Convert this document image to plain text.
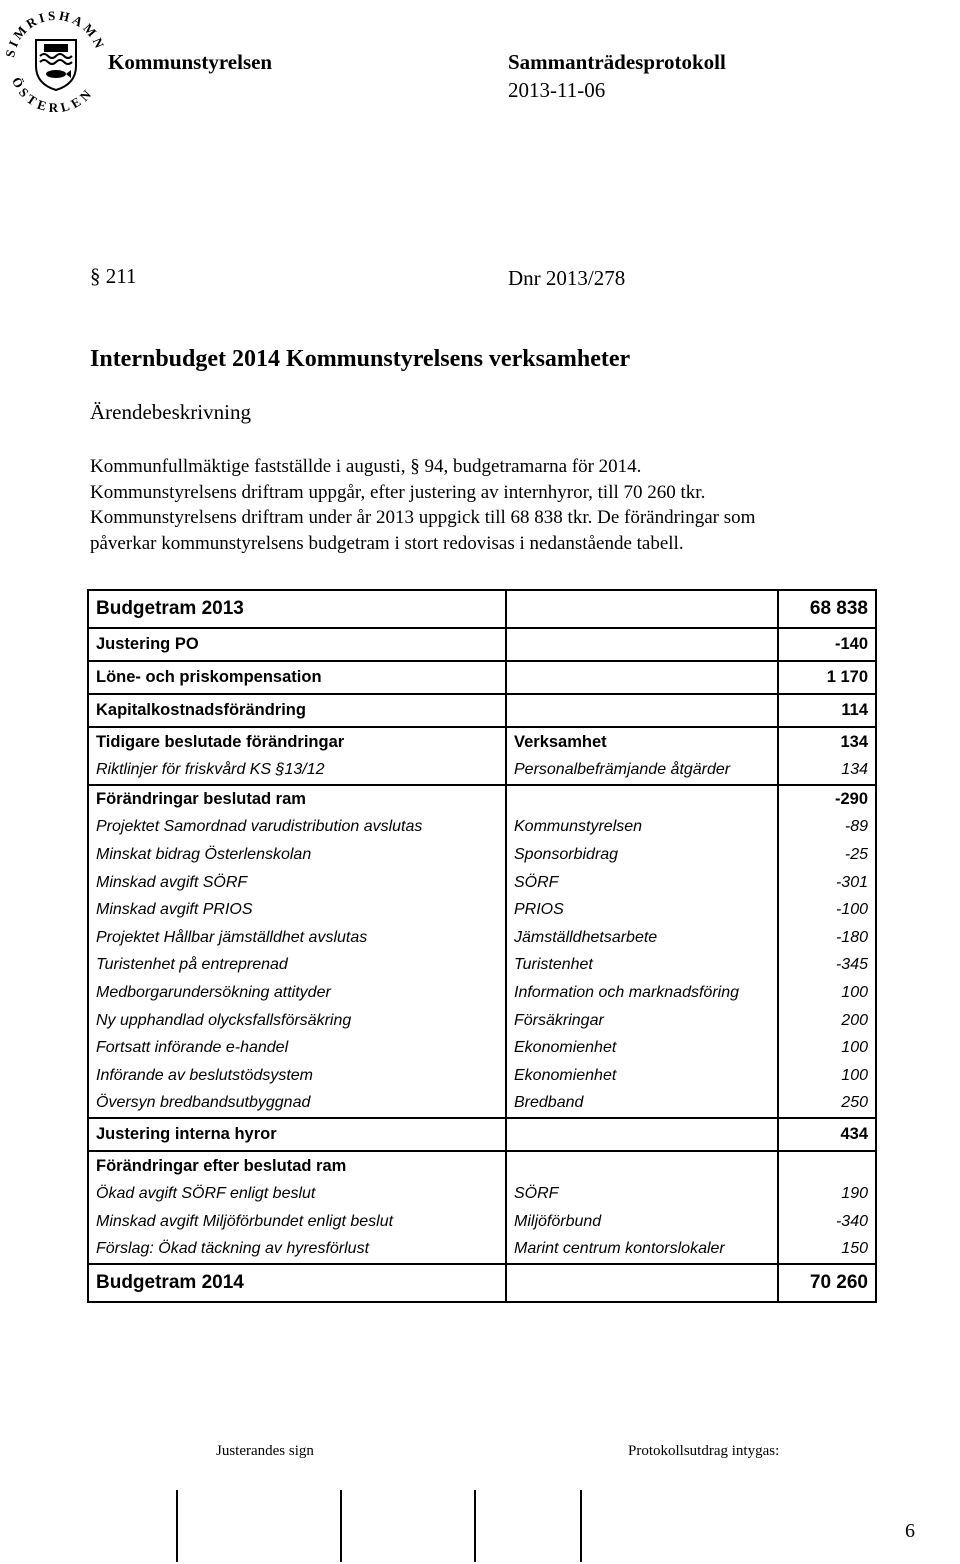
SIMRISHAMN
ÖSTERLEN
Kommunstyrelsen	Sammanträdesprotokoll
2013-11-06
§ 211	Dnr 2013/278
Internbudget 2014 Kommunstyrelsens verksamheter
Ärendebeskrivning
Kommunfullmäktige fastställde i augusti, § 94, budgetramarna för 2014.
Kommunstyrelsens driftram uppgår, efter justering av internhyror, till 70 260 tkr.
Kommunstyrelsens driftram under år 2013 uppgick till 68 838 tkr. De förändringar som
påverkar kommunstyrelsens budgetram i stort redovisas i nedanstående tabell.
Budgetram 2013		68 838
Justering PO		-140
Löne- och priskompensation		1 170
Kapitalkostnadsförändring		114
Tidigare beslutade förändringar	Verksamhet	134
Riktlinjer för friskvård KS §13/12	Personalbefrämjande åtgärder	134
Förändringar beslutad ram		-290
Projektet Samordnad varudistribution avslutas	Kommunstyrelsen	-89
Minskat bidrag Österlenskolan	Sponsorbidrag	-25
Minskad avgift SÖRF	SÖRF	-301
Minskad avgift PRIOS	PRIOS	-100
Projektet Hållbar jämställdhet avslutas	Jämställdhetsarbete	-180
Turistenhet på entreprenad	Turistenhet	-345
Medborgarundersökning attityder	Information och marknadsföring	100
Ny upphandlad olycksfallsförsäkring	Försäkringar	200
Fortsatt införande e-handel	Ekonomienhet	100
Införande av beslutstödsystem	Ekonomienhet	100
Översyn bredbandsutbyggnad	Bredband	250
Justering interna hyror		434
Förändringar efter beslutad ram		
Ökad avgift SÖRF enligt beslut	SÖRF	190
Minskad avgift Miljöförbundet enligt beslut	Miljöförbund	-340
Förslag: Ökad täckning av hyresförlust	Marint centrum kontorslokaler	150
Budgetram 2014		70 260
Justerandes sign	Protokollsutdrag intygas:
6
